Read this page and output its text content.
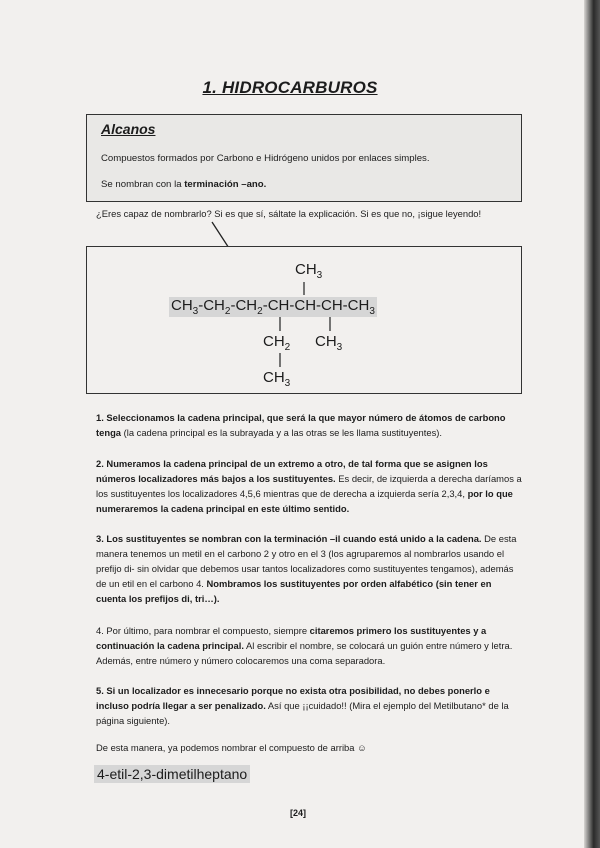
1. HIDROCARBUROS
Alcanos
Compuestos formados por Carbono e Hidrógeno unidos por enlaces simples.
Se nombran con la terminación –ano.
¿Eres capaz de nombrarlo? Si es que sí, sáltate la explicación. Si es que no, ¡sigue leyendo!
$CH_3$
$CH_3-CH_2-CH_2-CH-CH-CH-CH_3$
$CH_2$ $CH_3$
$CH_3$
1. Seleccionamos la cadena principal, que será la que mayor número de átomos de carbono tenga (la cadena principal es la subrayada y a las otras se les llama sustituyentes).
2. Numeramos la cadena principal de un extremo a otro, de tal forma que se asignen los números localizadores más bajos a los sustituyentes. Es decir, de izquierda a derecha daríamos a los sustituyentes los localizadores 4,5,6 mientras que de derecha a izquierda sería 2,3,4, por lo que numeraremos la cadena principal en este último sentido.
3. Los sustituyentes se nombran con la terminación –il cuando está unido a la cadena. De esta manera tenemos un metil en el carbono 2 y otro en el 3 (los agruparemos al nombrarlos usando el prefijo di- sin olvidar que debemos usar tantos localizadores como sustituyentes tengamos), además de un etil en el carbono 4. Nombramos los sustituyentes por orden alfabético (sin tener en cuenta los prefijos di, tri…).
4. Por último, para nombrar el compuesto, siempre citaremos primero los sustituyentes y a continuación la cadena principal. Al escribir el nombre, se colocará un guión entre número y letra. Además, entre número y número colocaremos una coma separadora.
5. Si un localizador es innecesario porque no exista otra posibilidad, no debes ponerlo e incluso podría llegar a ser penalizado. Así que ¡¡cuidado!! (Mira el ejemplo del Metilbutano* de la página siguiente).
De esta manera, ya podemos nombrar el compuesto de arriba ☺
4-etil-2,3-dimetilheptano
[24]
